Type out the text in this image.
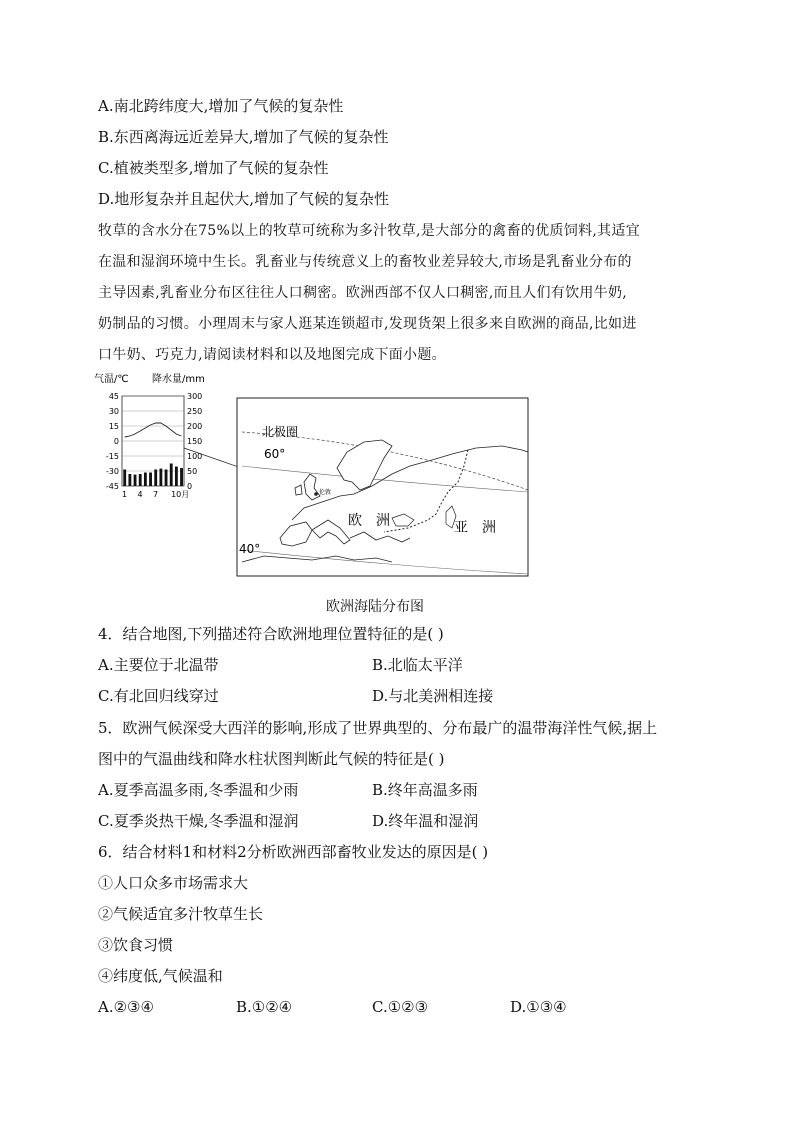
A.南北跨纬度大,增加了气候的复杂性
B.东西离海远近差异大,增加了气候的复杂性
C.植被类型多,增加了气候的复杂性
D.地形复杂并且起伏大,增加了气候的复杂性
牧草的含水分在75%以上的牧草可统称为多汁牧草,是大部分的禽畜的优质饲料,其适宜
在温和湿润环境中生长。乳畜业与传统意义上的畜牧业差异较大,市场是乳畜业分布的
主导因素,乳畜业分布区往往人口稠密。欧洲西部不仅人口稠密,而且人们有饮用牛奶,
奶制品的习惯。小理周末与家人逛某连锁超市,发现货架上很多来自欧洲的商品,比如进
口牛奶、巧克力,请阅读材料和以及地图完成下面小题。
气温/℃ 降水量/mm
45
30
15
0
-15
-30
-45
300
250
200
150
100
50
0
1 4 7 10月	伦敦
北极圈
60°
40°
欧　洲	亚　洲
欧洲海陆分布图
4．结合地图,下列描述符合欧洲地理位置特征的是( )
A.主要位于北温带	B.北临太平洋
C.有北回归线穿过	D.与北美洲相连接
5．欧洲气候深受大西洋的影响,形成了世界典型的、分布最广的温带海洋性气候,据上
图中的气温曲线和降水柱状图判断此气候的特征是( )
A.夏季高温多雨,冬季温和少雨	B.终年高温多雨
C.夏季炎热干燥,冬季温和湿润	D.终年温和湿润
6．结合材料1和材料2分析欧洲西部畜牧业发达的原因是( )
①人口众多市场需求大
②气候适宜多汁牧草生长
③饮食习惯
④纬度低,气候温和
A.②③④	B.①②④	C.①②③	D.①③④
